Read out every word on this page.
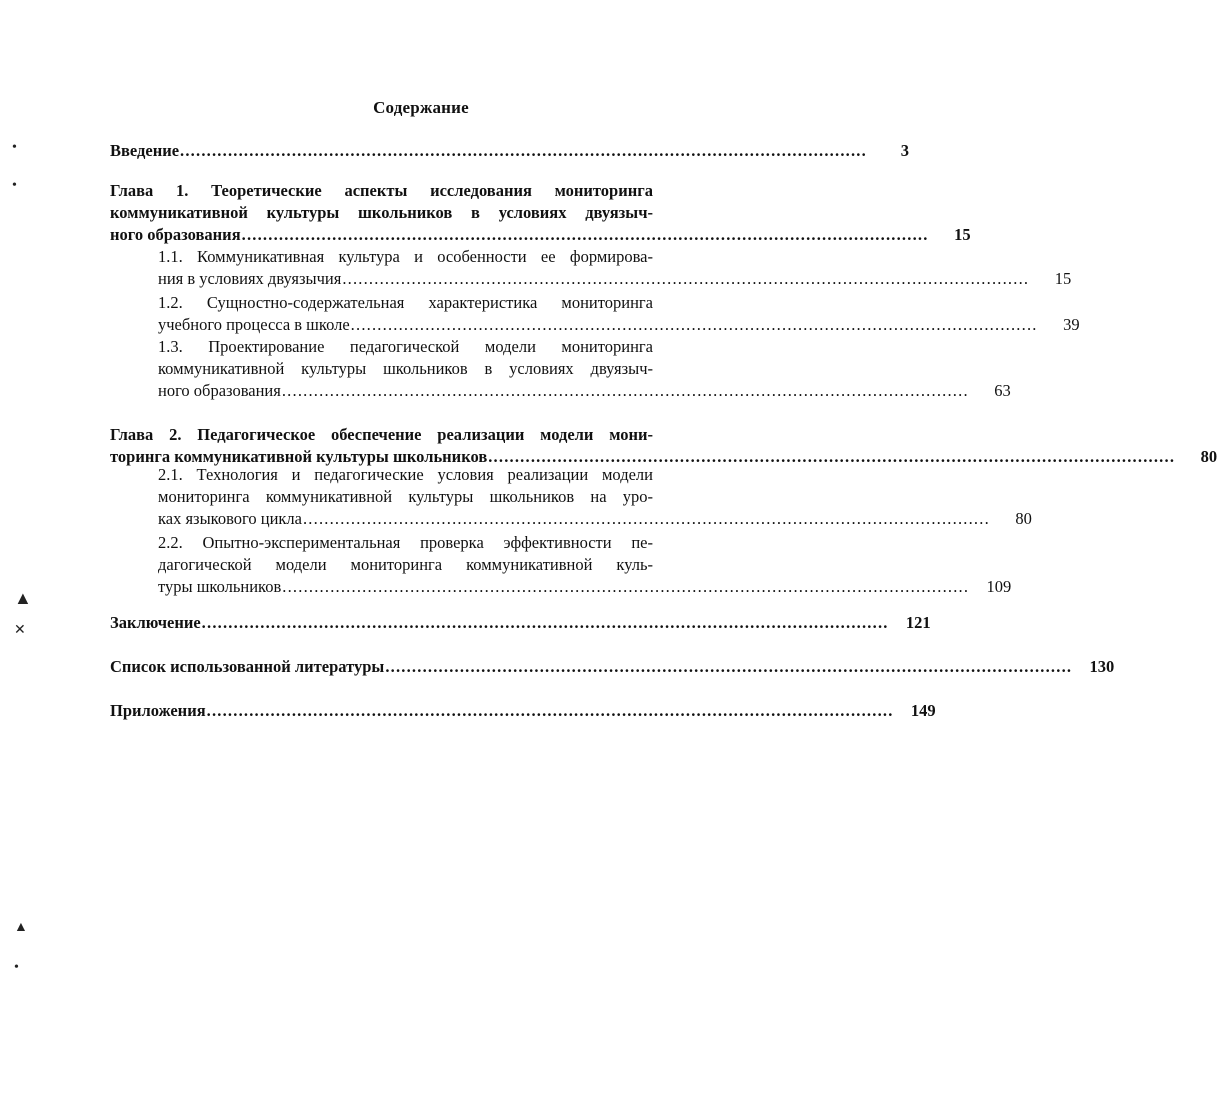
Содержание
Введение .................................................................................................................................	3
Глава 1. Теоретические аспекты исследования мониторинга
коммуникативной культуры школьников в условиях двуязыч-
ного образования .................................................................................................................................	15
1.1. Коммуникативная культура и особенности ее формирова-
ния в условиях двуязычия .................................................................................................................................	15
1.2. Сущностно-содержательная характеристика мониторинга
учебного процесса в школе .................................................................................................................................	39
1.3. Проектирование педагогической модели мониторинга
коммуникативной культуры школьников в условиях двуязыч-
ного образования .................................................................................................................................	63
Глава 2. Педагогическое обеспечение реализации модели мони-
торинга коммуникативной культуры школьников .................................................................................................................................	80
2.1. Технология и педагогические условия реализации модели
мониторинга коммуникативной культуры школьников на уро-
ках языкового цикла .................................................................................................................................	80
2.2. Опытно-экспериментальная проверка эффективности пе-
дагогической модели мониторинга коммуникативной куль-
туры школьников .................................................................................................................................	109
Заключение .................................................................................................................................	121
Список использованной литературы .................................................................................................................................	130
Приложения .................................................................................................................................	149
•
•
▲
✕
▲
•
